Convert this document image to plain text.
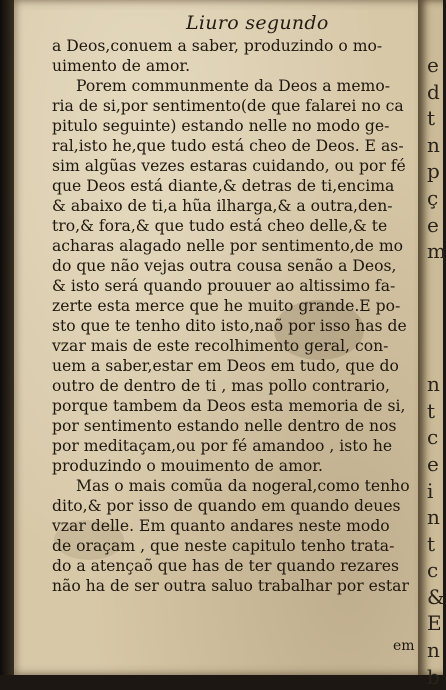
Liuro segundo
a Deos,conuem a saber, produzindo o mo-
uimento de amor.
Porem communmente da Deos a memo-
ria de si,por sentimento(de que falarei no ca
pitulo seguinte) estando nelle no modo ge-
ral,isto he,que tudo está cheo de Deos. E as-
sim algũas vezes estaras cuidando, ou por fé
que Deos está diante,& detras de ti,encima
& abaixo de ti,a hũa ilharga,& a outra,den-
tro,& fora,& que tudo está cheo delle,& te
acharas alagado nelle por sentimento,de mo
do que não vejas outra cousa senão a Deos,
& isto será quando prouuer ao altissimo fa-
zerte esta merce que he muito grande.E po-
sto que te tenho dito isto,naõ por isso has de
vzar mais de este recolhimento geral, con-
uem a saber,estar em Deos em tudo, que do
outro de dentro de ti , mas pollo contrario,
porque tambem da Deos esta memoria de si,
por sentimento estando nelle dentro de nos
por meditaçam,ou por fé amandoo , isto he
produzindo o mouimento de amor.
Mas o mais comũa da nogeral,como tenho
dito,& por isso de quando em quando deues
vzar delle. Em quanto andares neste modo
de oraçam , que neste capitulo tenho trata-
do a atençaõ que has de ter quando rezares
não ha de ser outra saluo trabalhar por estar
em
e
d
t
n
p
ç
e
m
n
t
c
e
i
n
t
c
&
E
n
b
